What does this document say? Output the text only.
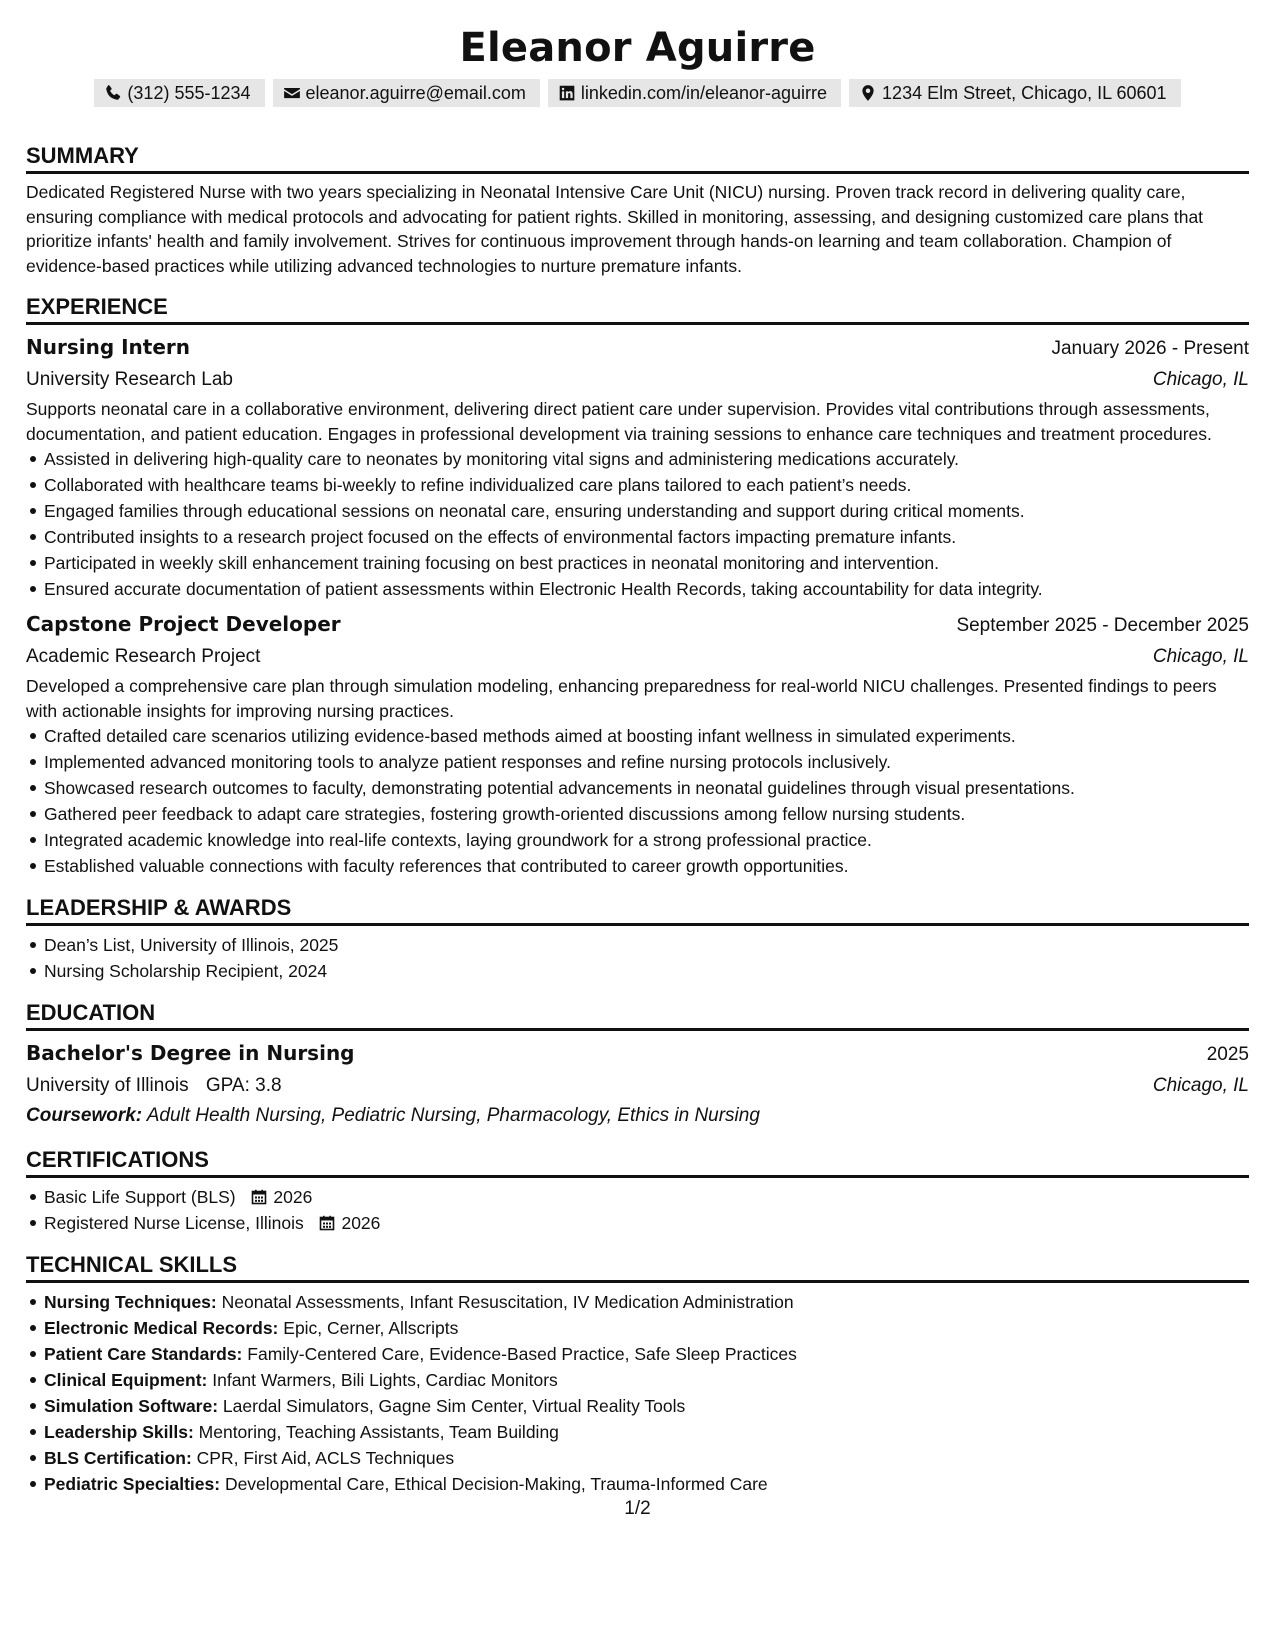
Eleanor Aguirre
(312) 555-1234	eleanor.aguirre@email.com	linkedin.com/in/eleanor-aguirre	1234 Elm Street, Chicago, IL 60601
SUMMARY

Dedicated Registered Nurse with two years specializing in Neonatal Intensive Care Unit (NICU) nursing. Proven track record in delivering quality care, ensuring compliance with medical protocols and advocating for patient rights. Skilled in monitoring, assessing, and designing customized care plans that prioritize infants' health and family involvement. Strives for continuous improvement through hands-on learning and team collaboration. Champion of evidence-based practices while utilizing advanced technologies to nurture premature infants.

EXPERIENCE
Nursing Intern	January 2026 - Present
University Research Lab	Chicago, IL

Supports neonatal care in a collaborative environment, delivering direct patient care under supervision. Provides vital contributions through assessments, documentation, and patient education. Engages in professional development via training sessions to enhance care techniques and treatment procedures.

Assisted in delivering high-quality care to neonates by monitoring vital signs and administering medications accurately.
Collaborated with healthcare teams bi-weekly to refine individualized care plans tailored to each patient’s needs.
Engaged families through educational sessions on neonatal care, ensuring understanding and support during critical moments.
Contributed insights to a research project focused on the effects of environmental factors impacting premature infants.
Participated in weekly skill enhancement training focusing on best practices in neonatal monitoring and intervention.
Ensured accurate documentation of patient assessments within Electronic Health Records, taking accountability for data integrity.
Capstone Project Developer	September 2025 - December 2025
Academic Research Project	Chicago, IL

Developed a comprehensive care plan through simulation modeling, enhancing preparedness for real-world NICU challenges. Presented findings to peers with actionable insights for improving nursing practices.

Crafted detailed care scenarios utilizing evidence-based methods aimed at boosting infant wellness in simulated experiments.
Implemented advanced monitoring tools to analyze patient responses and refine nursing protocols inclusively.
Showcased research outcomes to faculty, demonstrating potential advancements in neonatal guidelines through visual presentations.
Gathered peer feedback to adapt care strategies, fostering growth-oriented discussions among fellow nursing students.
Integrated academic knowledge into real-life contexts, laying groundwork for a strong professional practice.
Established valuable connections with faculty references that contributed to career growth opportunities.
LEADERSHIP & AWARDS
Dean’s List, University of Illinois, 2025
Nursing Scholarship Recipient, 2024
EDUCATION
Bachelor's Degree in Nursing	2025
University of Illinois GPA: 3.8	Chicago, IL
Coursework: Adult Health Nursing, Pediatric Nursing, Pharmacology, Ethics in Nursing
CERTIFICATIONS
Basic Life Support (BLS) 2026
Registered Nurse License, Illinois 2026
TECHNICAL SKILLS
Nursing Techniques: Neonatal Assessments, Infant Resuscitation, IV Medication Administration
Electronic Medical Records: Epic, Cerner, Allscripts
Patient Care Standards: Family-Centered Care, Evidence-Based Practice, Safe Sleep Practices
Clinical Equipment: Infant Warmers, Bili Lights, Cardiac Monitors
Simulation Software: Laerdal Simulators, Gagne Sim Center, Virtual Reality Tools
Leadership Skills: Mentoring, Teaching Assistants, Team Building
BLS Certification: CPR, First Aid, ACLS Techniques
Pediatric Specialties: Developmental Care, Ethical Decision-Making, Trauma-Informed Care
1/2
